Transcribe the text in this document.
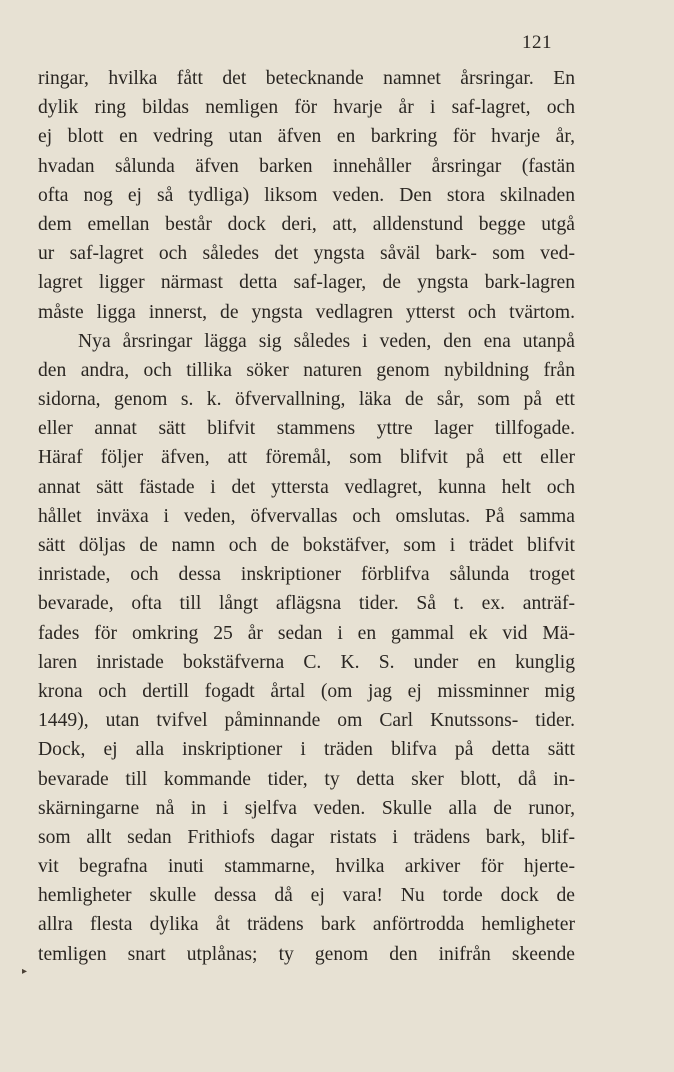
121
ringar, hvilka fått det betecknande namnet årsringar. En
dylik ring bildas nemligen för hvarje år i saf-lagret, och
ej blott en vedring utan äfven en barkring för hvarje år,
hvadan sålunda äfven barken innehåller årsringar (fastän
ofta nog ej så tydliga) liksom veden. Den stora skilnaden
dem emellan består dock deri, att, alldenstund begge utgå
ur saf-lagret och således det yngsta såväl bark- som ved-
lagret ligger närmast detta saf-lager, de yngsta bark-lagren
måste ligga innerst, de yngsta vedlagren ytterst och tvärtom.
Nya årsringar lägga sig således i veden, den ena utanpå
den andra, och tillika söker naturen genom nybildning från
sidorna, genom s. k. öfvervallning, läka de sår, som på ett
eller annat sätt blifvit stammens yttre lager tillfogade.
Häraf följer äfven, att föremål, som blifvit på ett eller
annat sätt fästade i det yttersta vedlagret, kunna helt och
hållet inväxa i veden, öfvervallas och omslutas. På samma
sätt döljas de namn och de bokstäfver, som i trädet blifvit
inristade, och dessa inskriptioner förblifva sålunda troget
bevarade, ofta till långt aflägsna tider. Så t. ex. anträf-
fades för omkring 25 år sedan i en gammal ek vid Mä-
laren inristade bokstäfverna C. K. S. under en kunglig
krona och dertill fogadt årtal (om jag ej missminner mig
1449), utan tvifvel påminnande om Carl Knutssons- tider.
Dock, ej alla inskriptioner i träden blifva på detta sätt
bevarade till kommande tider, ty detta sker blott, då in-
skärningarne nå in i sjelfva veden. Skulle alla de runor,
som allt sedan Frithiofs dagar ristats i trädens bark, blif-
vit begrafna inuti stammarne, hvilka arkiver för hjerte-
hemligheter skulle dessa då ej vara! Nu torde dock de
allra flesta dylika åt trädens bark anförtrodda hemligheter
temligen snart utplånas; ty genom den inifrån skeende
▸
